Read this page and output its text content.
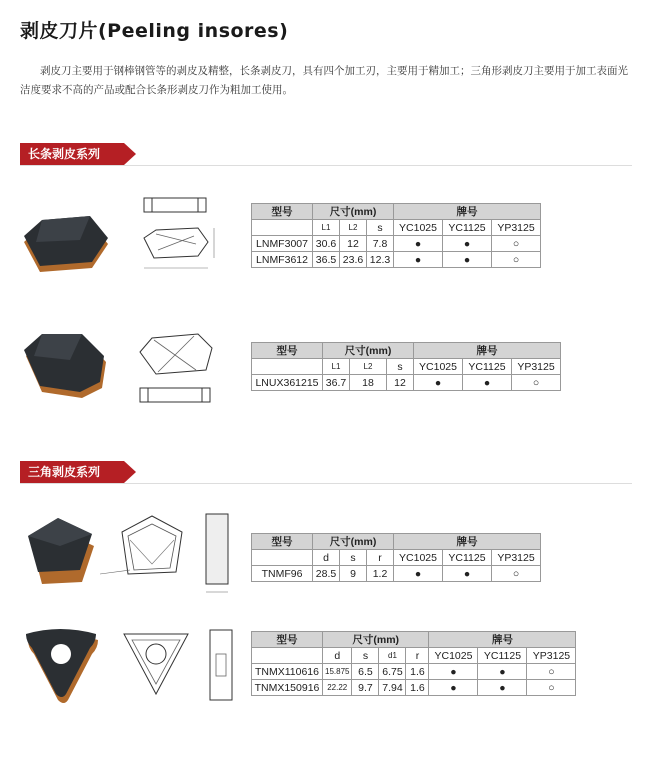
剥皮刀片(Peeling insores)

剥皮刀主要用于钢棒钢管等的剥皮及精整，长条剥皮刀，具有四个加工刃，主要用于精加工；三角形剥皮刀主要用于加工表面光洁度要求不高的产品或配合长条形剥皮刀作为粗加工使用。

长条剥皮系列
型号	尺寸(mm)			牌号		
	L1	L2	s	YC1025	YC1125	YP3125
LNMF3007	30.6	12	7.8	●	●	○
LNMF3612	36.5	23.6	12.3	●	●	○
型号	尺寸(mm)			牌号		
	L1	L2	s	YC1025	YC1125	YP3125
LNUX361215	36.7	18	12	●	●	○
三角剥皮系列
型号	尺寸(mm)			牌号		
	d	s	r	YC1025	YC1125	YP3125
TNMF96	28.5	9	1.2	●	●	○
型号	尺寸(mm)				牌号		
	d	s	d1	r	YC1025	YC1125	YP3125
TNMX110616	15.875	6.5	6.75	1.6	●	●	○
TNMX150916	22.22	9.7	7.94	1.6	●	●	○
